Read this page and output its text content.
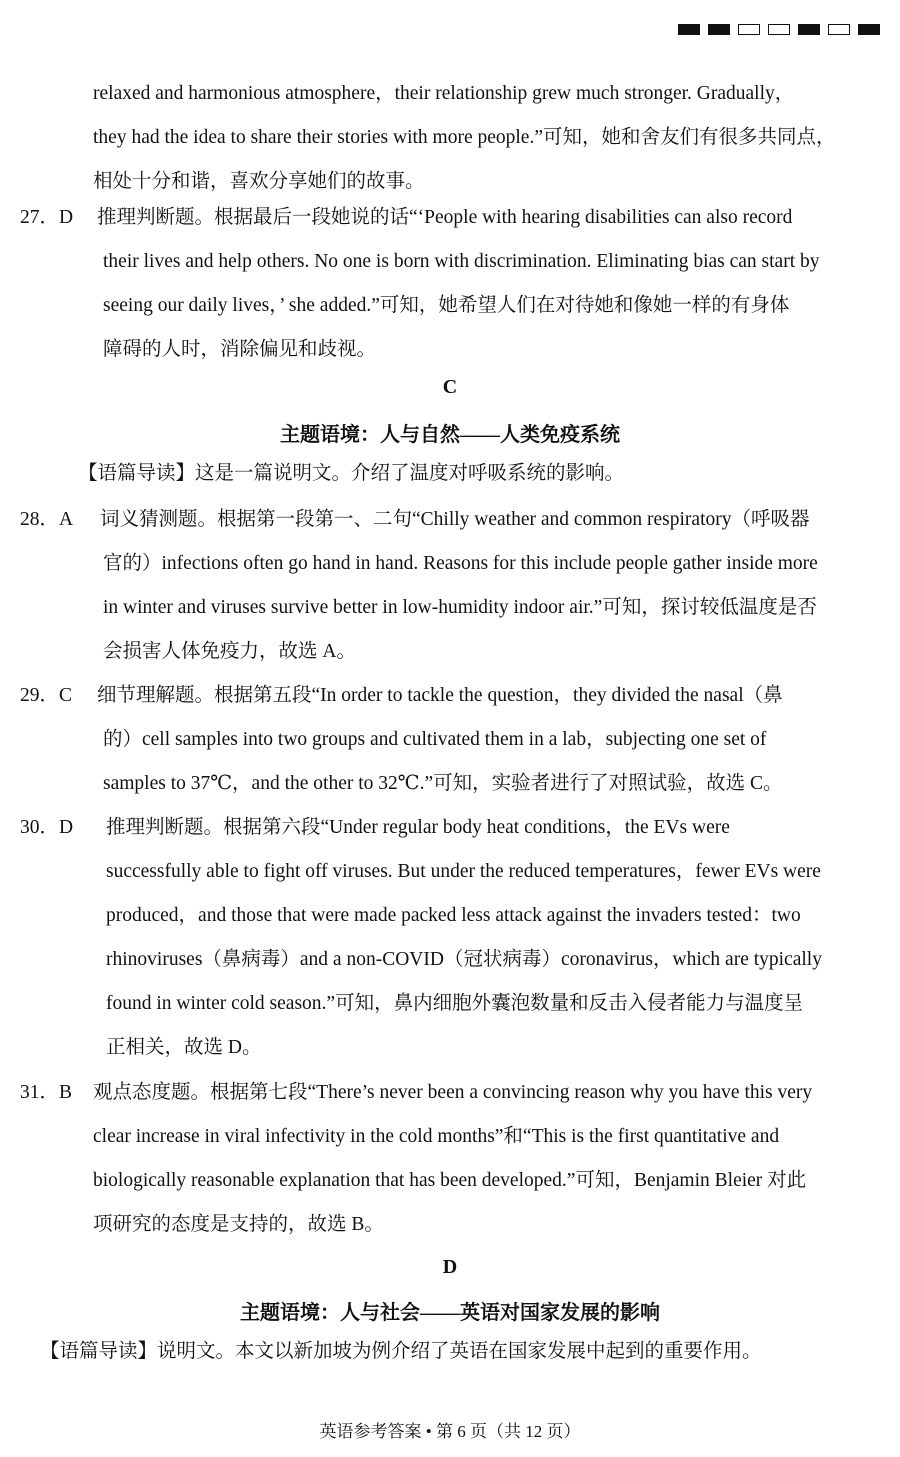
relaxed and harmonious atmosphere，their relationship grew much stronger. Gradually，
they had the idea to share their stories with more people.”可知，她和舍友们有很多共同点，
相处十分和谐，喜欢分享她们的故事。
27．D 推理判断题。根据最后一段她说的话“‘People with hearing disabilities can also record
their lives and help others. No one is born with discrimination. Eliminating bias can start by
seeing our daily lives，’ she added.”可知，她希望人们在对待她和像她一样的有身体
障碍的人时，消除偏见和歧视。
C
主题语境：人与自然——人类免疫系统
【语篇导读】这是一篇说明文。介绍了温度对呼吸系统的影响。
28．A 词义猜测题。根据第一段第一、二句“Chilly weather and common respiratory（呼吸器
官的）infections often go hand in hand. Reasons for this include people gather inside more
in winter and viruses survive better in low-humidity indoor air.”可知，探讨较低温度是否
会损害人体免疫力，故选 A。
29．C 细节理解题。根据第五段“In order to tackle the question，they divided the nasal（鼻
的）cell samples into two groups and cultivated them in a lab，subjecting one set of
samples to 37℃，and the other to 32℃.”可知，实验者进行了对照试验，故选 C。
30．D 推理判断题。根据第六段“Under regular body heat conditions，the EVs were
successfully able to fight off viruses. But under the reduced temperatures，fewer EVs were
produced，and those that were made packed less attack against the invaders tested：two
rhinoviruses（鼻病毒）and a non-COVID（冠状病毒）coronavirus，which are typically
found in winter cold season.”可知，鼻内细胞外囊泡数量和反击入侵者能力与温度呈
正相关，故选 D。
31．B 观点态度题。根据第七段“There’s never been a convincing reason why you have this very
clear increase in viral infectivity in the cold months”和“This is the first quantitative and
biologically reasonable explanation that has been developed.”可知，Benjamin Bleier 对此
项研究的态度是支持的，故选 B。
D
主题语境：人与社会——英语对国家发展的影响
【语篇导读】说明文。本文以新加坡为例介绍了英语在国家发展中起到的重要作用。
英语参考答案 • 第 6 页（共 12 页）
